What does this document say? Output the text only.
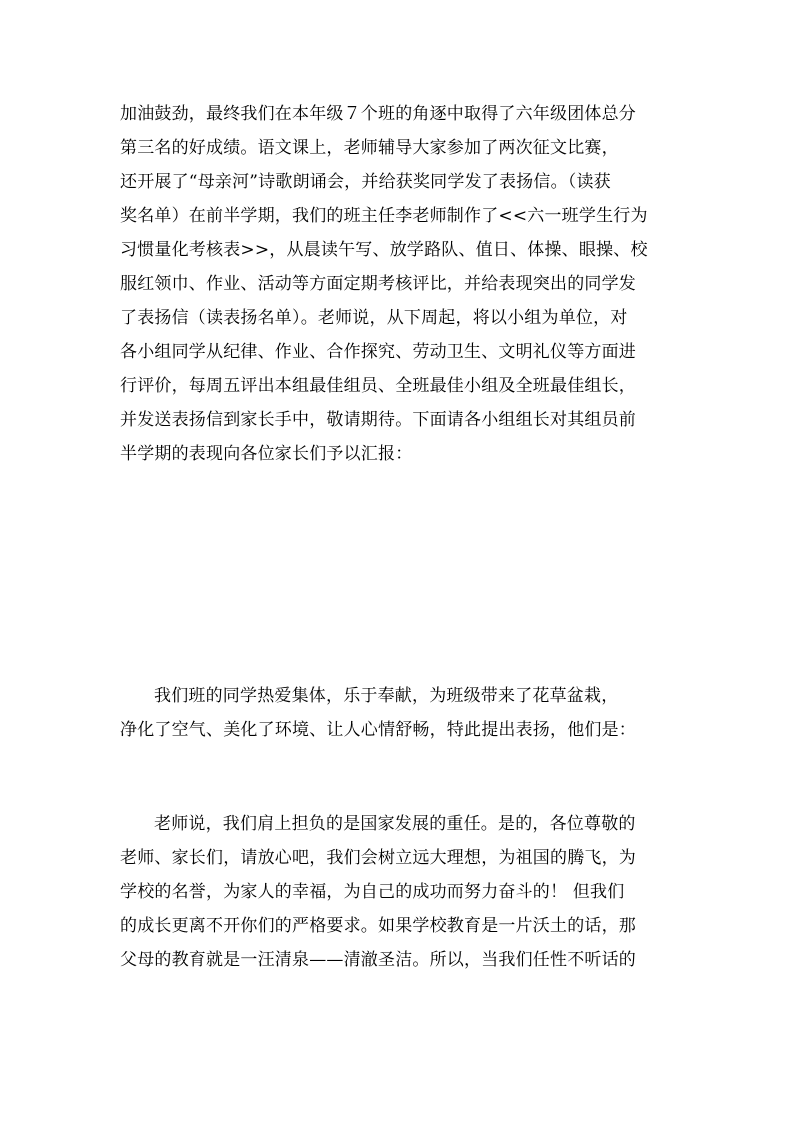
加油鼓劲，最终我们在本年级７个班的角逐中取得了六年级团体总分
第三名的好成绩。语文课上，老师辅导大家参加了两次征文比赛，
还开展了“母亲河”诗歌朗诵会，并给获奖同学发了表扬信。（读获
奖名单）在前半学期，我们的班主任李老师制作了<<六一班学生行为
习惯量化考核表>>，从晨读午写、放学路队、值日、体操、眼操、校
服红领巾、作业、活动等方面定期考核评比，并给表现突出的同学发
了表扬信（读表扬名单）。老师说，从下周起，将以小组为单位，对
各小组同学从纪律、作业、合作探究、劳动卫生、文明礼仪等方面进
行评价，每周五评出本组最佳组员、全班最佳小组及全班最佳组长，
并发送表扬信到家长手中，敬请期待。下面请各小组组长对其组员前
半学期的表现向各位家长们予以汇报：

我们班的同学热爱集体，乐于奉献，为班级带来了花草盆栽，
净化了空气、美化了环境、让人心情舒畅，特此提出表扬，他们是：

老师说，我们肩上担负的是国家发展的重任。是的，各位尊敬的
老师、家长们，请放心吧，我们会树立远大理想，为祖国的腾飞，为
学校的名誉，为家人的幸福，为自己的成功而努力奋斗的！ 但我们
的成长更离不开你们的严格要求。如果学校教育是一片沃土的话，那
父母的教育就是一汪清泉——清澈圣洁。所以，当我们任性不听话的
